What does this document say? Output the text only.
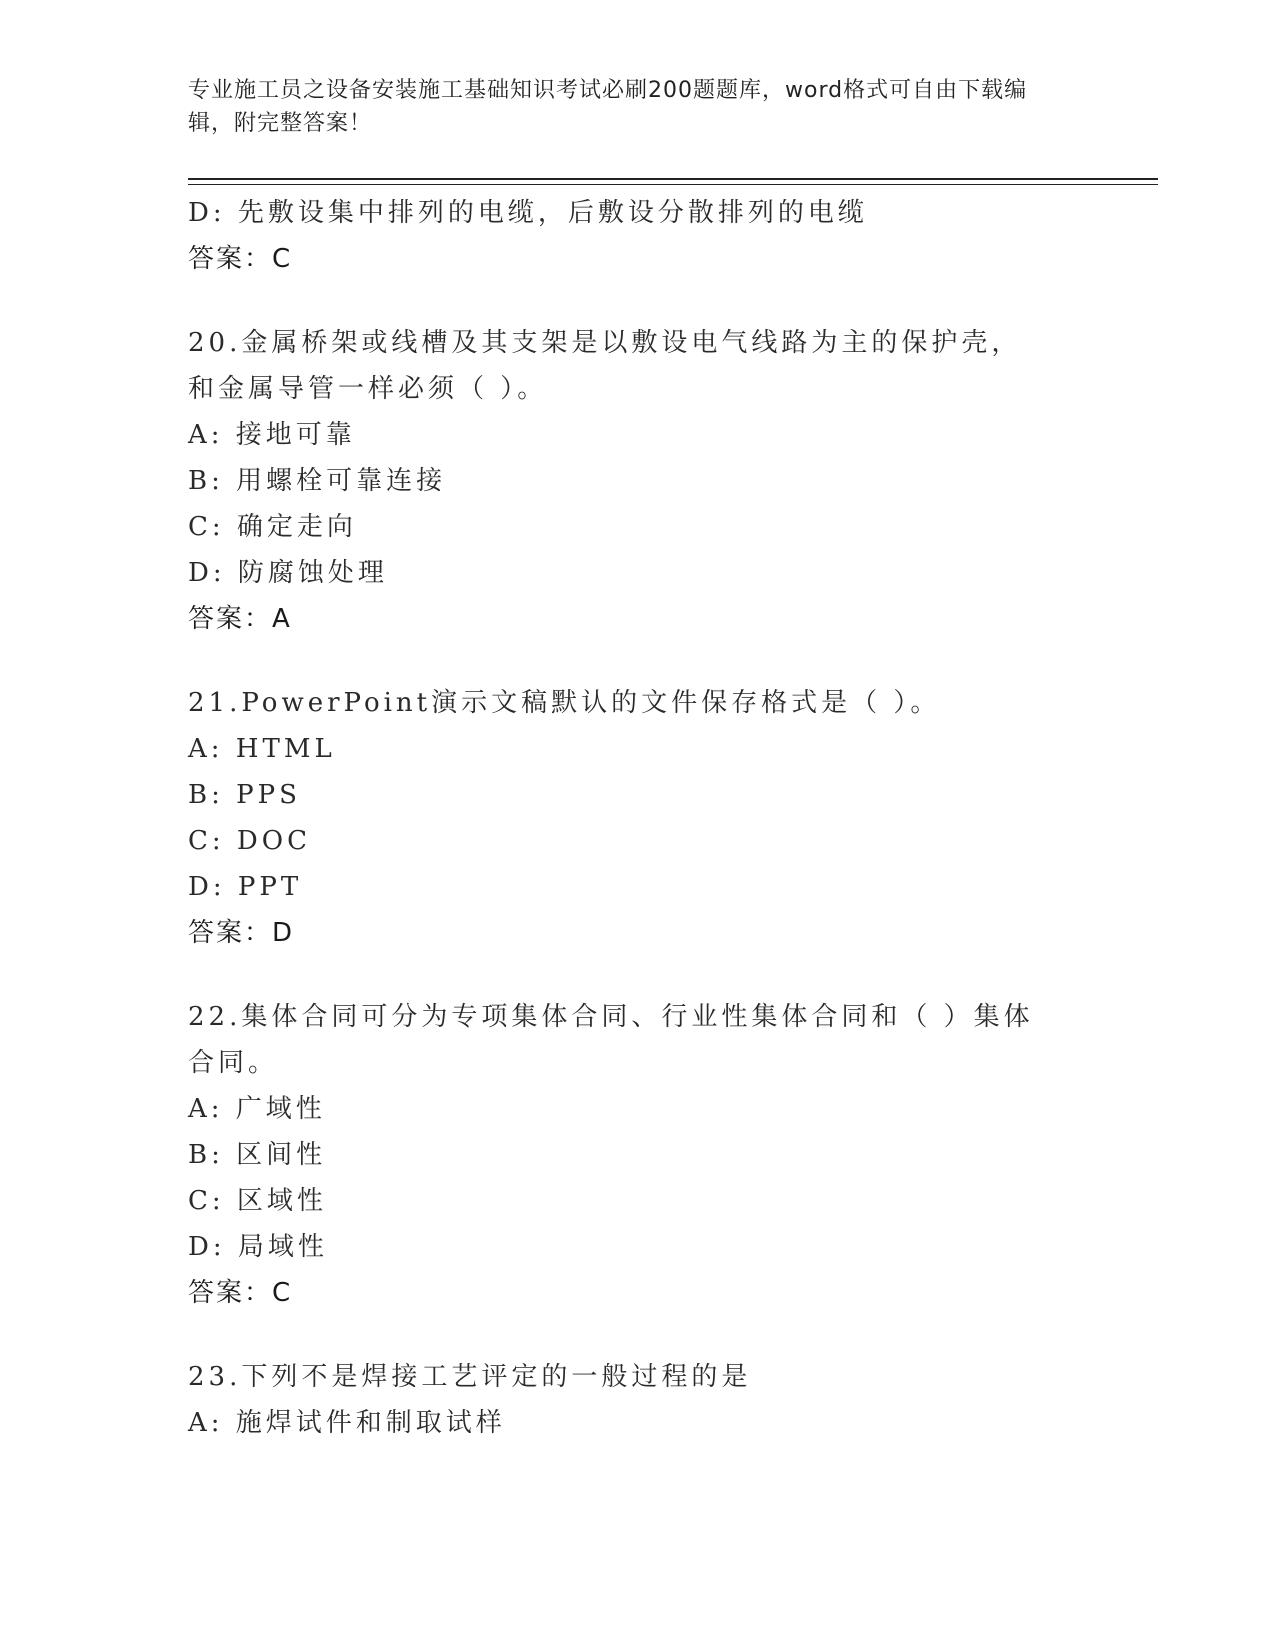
专业施工员之设备安装施工基础知识考试必刷200题题库，word格式可自由下载编辑，附完整答案！
D: 先敷设集中排列的电缆，后敷设分散排列的电缆
答案：C
20.金属桥架或线槽及其支架是以敷设电气线路为主的保护壳，和金属导管一样必须（ ）。
A: 接地可靠
B: 用螺栓可靠连接
C: 确定走向
D: 防腐蚀处理
答案：A
21.PowerPoint演示文稿默认的文件保存格式是（ ）。
A: HTML
B: PPS
C: DOC
D: PPT
答案：D
22.集体合同可分为专项集体合同、行业性集体合同和（ ）集体合同。
A: 广域性
B: 区间性
C: 区域性
D: 局域性
答案：C
23.下列不是焊接工艺评定的一般过程的是
A: 施焊试件和制取试样
